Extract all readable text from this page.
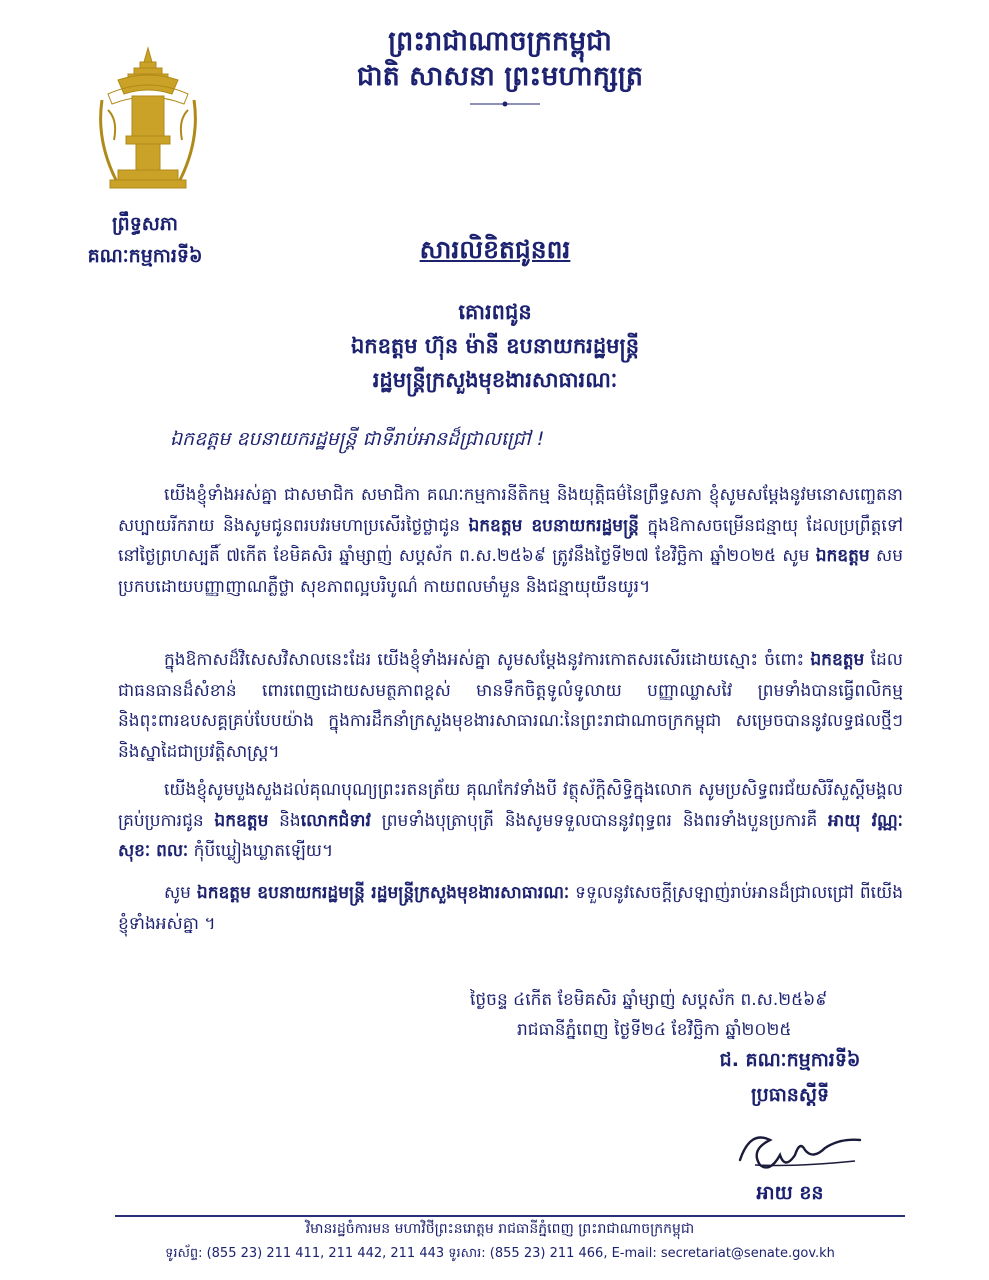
ព្រះរាជាណាចក្រកម្ពុជា
ជាតិ សាសនា ព្រះមហាក្សត្រ
ព្រឹទ្ធសភា
គណៈកម្មការទី៦	សារលិខិតជូនពរ
គោរពជូន
ឯកឧត្តម ហ៊ុន ម៉ានី ឧបនាយករដ្ឋមន្ត្រី
រដ្ឋមន្ត្រីក្រសួងមុខងារសាធារណៈ
ឯកឧត្តម ឧបនាយករដ្ឋមន្ត្រី ជាទីរាប់អានដ៏ជ្រាលជ្រៅ !
យើងខ្ញុំទាំងអស់គ្នា ជាសមាជិក សមាជិកា គណៈកម្មការនីតិកម្ម និងយុត្តិធម៌នៃព្រឹទ្ធសភា ខ្ញុំសូមសម្តែងនូវមនោសញ្ចេតនា សប្បាយរីករាយ និងសូមជូនពរបវរមហាប្រសើរថ្ងៃថ្លាជូន ឯកឧត្តម ឧបនាយករដ្ឋមន្ត្រី ក្នុងឱកាសចម្រើនជន្មាយុ ដែលប្រព្រឹត្តទៅនៅថ្ងៃព្រហស្បតិ៍ ៧កើត ខែមិគសិរ ឆ្នាំម្សាញ់ សប្តស័ក ព.ស.២៥៦៩ ត្រូវនឹងថ្ងៃទី២៧ ខែវិច្ឆិកា ឆ្នាំ២០២៥ សូម ឯកឧត្តម សមប្រកបដោយបញ្ញាញាណភ្លឺថ្លា សុខភាពល្អបរិបូណ៌ កាយពលមាំមួន និងជន្មាយុយឺនយូរ។
ក្នុងឱកាសដ៏វិសេសវិសាលនេះដែរ យើងខ្ញុំទាំងអស់គ្នា សូមសម្តែងនូវការកោតសរសើរដោយស្មោះ ចំពោះ ឯកឧត្តម ដែលជាធនធានដ៏សំខាន់ ពោរពេញដោយសមត្ថភាពខ្ពស់ មានទឹកចិត្តទូលំទូលាយ បញ្ញាឈ្លាសវៃ ព្រមទាំងបានធ្វើពលិកម្ម និងពុះពារឧបសគ្គគ្រប់បែបយ៉ាង ក្នុងការដឹកនាំក្រសួងមុខងារសាធារណៈនៃព្រះរាជាណាចក្រកម្ពុជា សម្រេចបាននូវលទ្ធផលថ្មីៗ និងស្នាដៃជាប្រវត្តិសាស្ត្រ។
យើងខ្ញុំសូមបួងសួងដល់គុណបុណ្យព្រះរតនត្រ័យ គុណកែវទាំងបី វត្ថុស័ក្តិសិទ្ធិក្នុងលោក សូមប្រសិទ្ធពរជ័យសិរីសួស្តីមង្គលគ្រប់ប្រការជូន ឯកឧត្តម និងលោកជំទាវ ព្រមទាំងបុត្រាបុត្រី និងសូមទទួលបាននូវពុទ្ធពរ និងពរទាំងបួនប្រការគឺ អាយុ វណ្ណៈ សុខៈ ពលៈ កុំបីឃ្លៀងឃ្លាតឡើយ។
សូម ឯកឧត្តម ឧបនាយករដ្ឋមន្ត្រី រដ្ឋមន្ត្រីក្រសួងមុខងារសាធារណៈ ទទួលនូវសេចក្តីស្រឡាញ់រាប់អានដ៏ជ្រាលជ្រៅ ពីយើងខ្ញុំទាំងអស់គ្នា ។
ថ្ងៃចន្ទ ៤កើត ខែមិគសិរ ឆ្នាំម្សាញ់ សប្តស័ក ព.ស.២៥៦៩
រាជធានីភ្នំពេញ ថ្ងៃទី២៤ ខែវិច្ឆិកា ឆ្នាំ២០២៥
ជ. គណៈកម្មការទី៦
ប្រធានស្តីទី
អាយ ខន
វិមានរដ្ឋចំការមន មហាវិថីព្រះនរោត្តម រាជធានីភ្នំពេញ ព្រះរាជាណាចក្រកម្ពុជា
ទូរស័ព្ទ: (855 23) 211 411, 211 442, 211 443 ទូរសារ: (855 23) 211 466, E-mail: secretariat@senate.gov.kh
